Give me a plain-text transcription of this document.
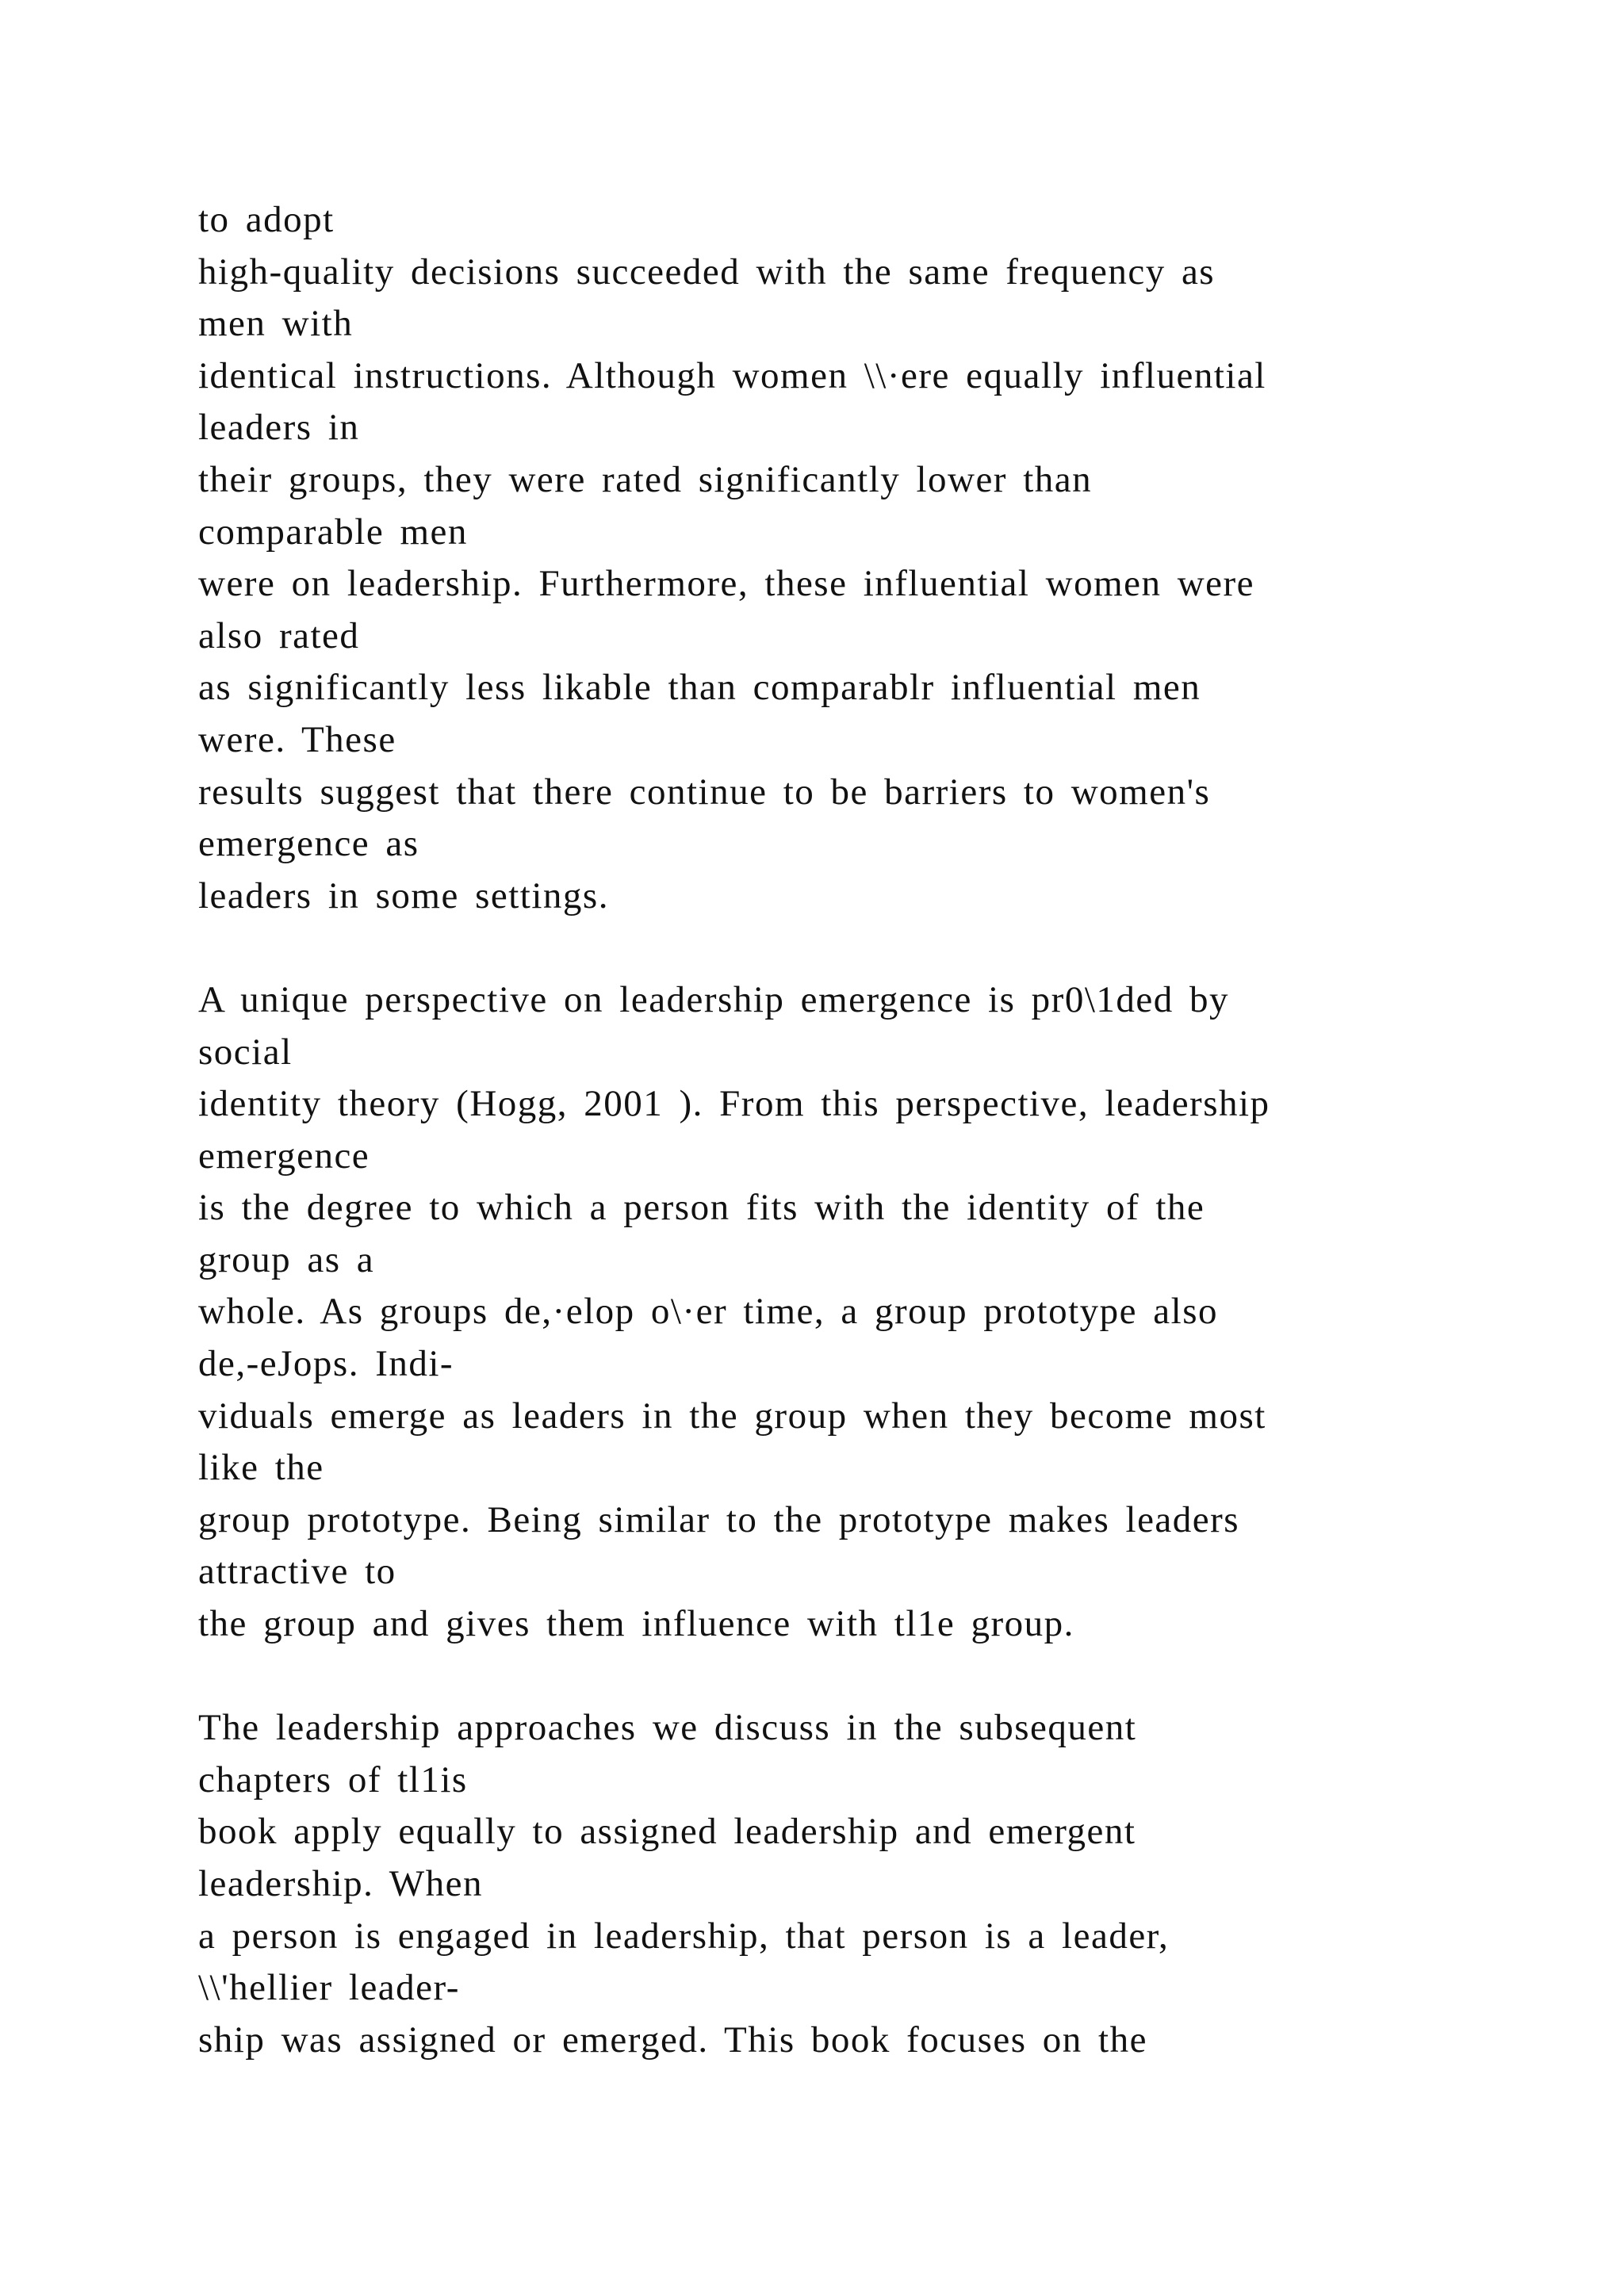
to adopt
high-quality decisions succeeded with the same frequency as
men with
identical instructions. Although women \\·ere equally influential
leaders in
their groups, they were rated significantly lower than
comparable men
were on leadership. Furthermore, these influential women were
also rated
as significantly less likable than comparablr influential men
were. These
results suggest that there continue to be barriers to women's
emergence as
leaders in some settings.
A unique perspective on leadership emergence is pr0\1ded by
social
identity theory (Hogg, 2001 ). From this perspective, leadership
emergence
is the degree to which a person fits with the identity of the
group as a
whole. As groups de,·elop o\·er time, a group prototype also
de,-eJops. Indi-
viduals emerge as leaders in the group when they become most
like the
group prototype. Being similar to the prototype makes leaders
attractive to
the group and gives them influence with tl1e group.
The leadership approaches we discuss in the subsequent
chapters of tl1is
book apply equally to assigned leadership and emergent
leadership. When
a person is engaged in leadership, that person is a leader,
\\'hellier leader-
ship was assigned or emerged. This book focuses on the
